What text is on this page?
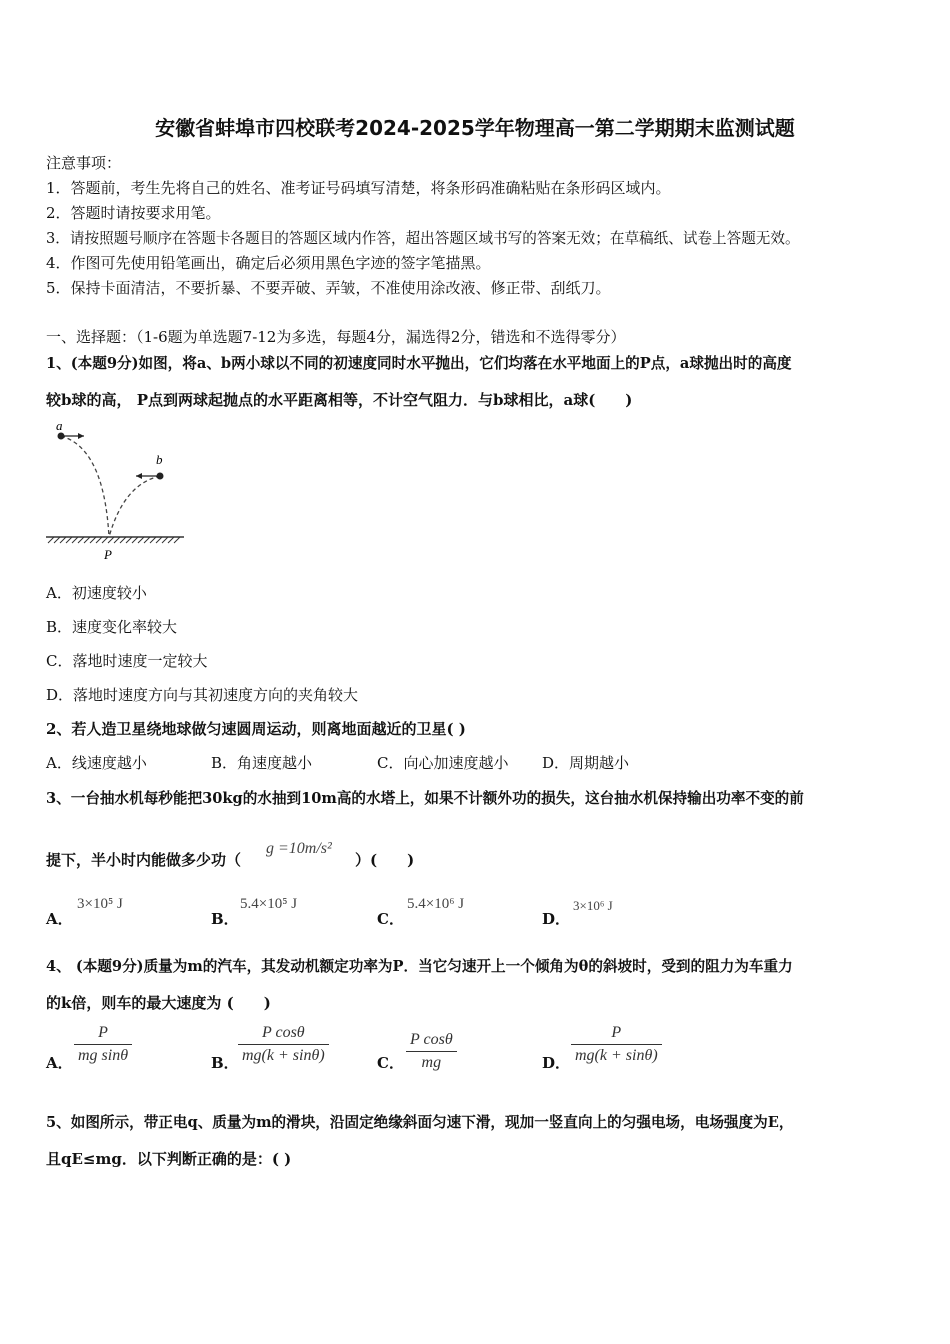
安徽省蚌埠市四校联考2024-2025学年物理高一第二学期期末监测试题
注意事项：
1．答题前，考生先将自己的姓名、准考证号码填写清楚，将条形码准确粘贴在条形码区域内。
2．答题时请按要求用笔。
3．请按照题号顺序在答题卡各题目的答题区域内作答，超出答题区域书写的答案无效；在草稿纸、试卷上答题无效。
4．作图可先使用铅笔画出，确定后必须用黑色字迹的签字笔描黑。
5．保持卡面清洁，不要折暴、不要弄破、弄皱，不准使用涂改液、修正带、刮纸刀。
一、选择题：（1-6题为单选题7-12为多选，每题4分，漏选得2分，错选和不选得零分）
1、(本题9分)如图，将a、b两小球以不同的初速度同时水平抛出，它们均落在水平地面上的P点，a球抛出时的高度
较b球的高， P点到两球起抛点的水平距离相等，不计空气阻力．与b球相比，a球(　　)
a
b
P
A．初速度较小
B．速度变化率较大
C．落地时速度一定较大
D．落地时速度方向与其初速度方向的夹角较大
2、若人造卫星绕地球做匀速圆周运动，则离地面越近的卫星( )
A．线速度越小	B．角速度越小	C．向心加速度越小 D．周期越小
3、一台抽水机每秒能把30kg的水抽到10m高的水塔上，如果不计额外功的损失，这台抽水机保持输出功率不变的前
提下，半小时内能做多少功（
g =10m/s²
）(　　)
A．
3×10⁵ J
B．
5.4×10⁵ J
C．
5.4×10⁶ J
D．
3×10⁶ J
4、 (本题9分)质量为m的汽车，其发动机额定功率为P．当它匀速开上一个倾角为θ的斜坡时，受到的阻力为车重力
的k倍，则车的最大速度为 (　　)
A．
P
mg sinθ	B．
P cosθ
mg(k + sinθ)	C．
P cosθ
mg	D．
P
mg(k + sinθ)
5、如图所示，带正电q、质量为m的滑块，沿固定绝缘斜面匀速下滑，现加一竖直向上的匀强电场，电场强度为E，
且qE≤mg．以下判断正确的是：( )
